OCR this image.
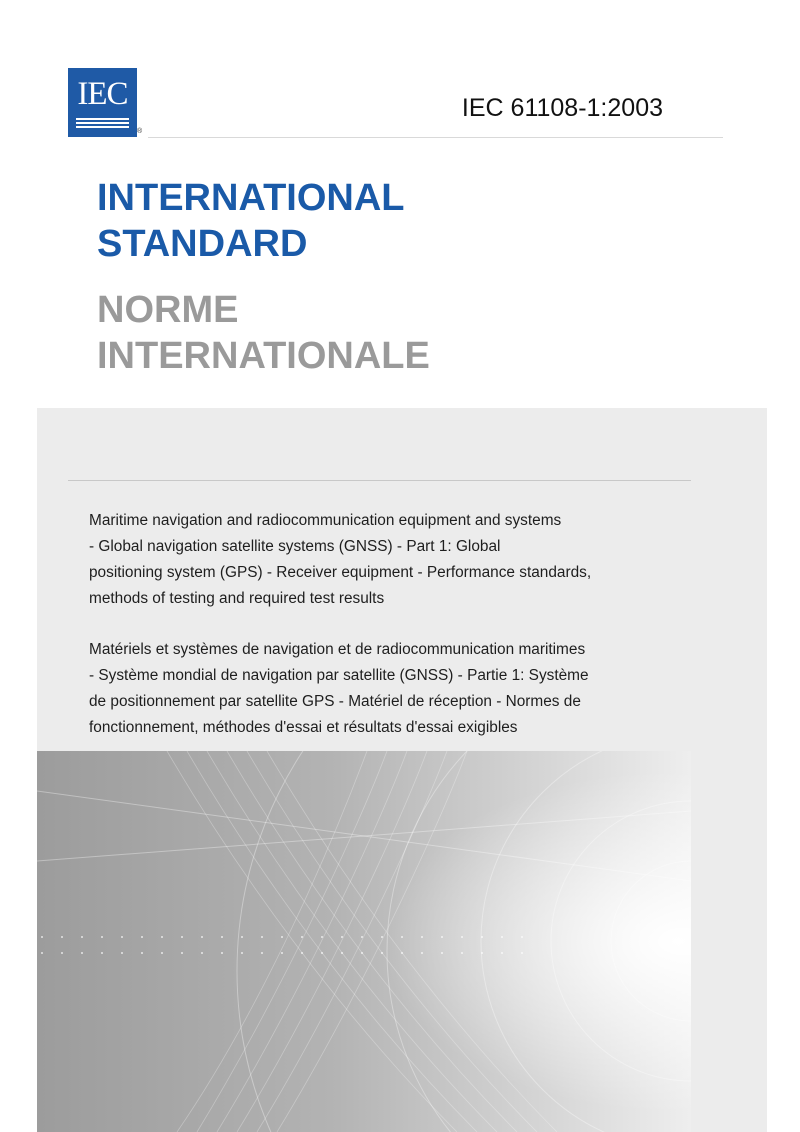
IEC
®
IEC 61108-1:2003
INTERNATIONAL
STANDARD
NORME
INTERNATIONALE
Maritime navigation and radiocommunication equipment and systems
- Global navigation satellite systems (GNSS) - Part 1: Global
positioning system (GPS) - Receiver equipment - Performance standards,
methods of testing and required test results
Matériels et systèmes de navigation et de radiocommunication maritimes
- Système mondial de navigation par satellite (GNSS) - Partie 1: Système
de positionnement par satellite GPS - Matériel de réception - Normes de
fonctionnement, méthodes d'essai et résultats d'essai exigibles
